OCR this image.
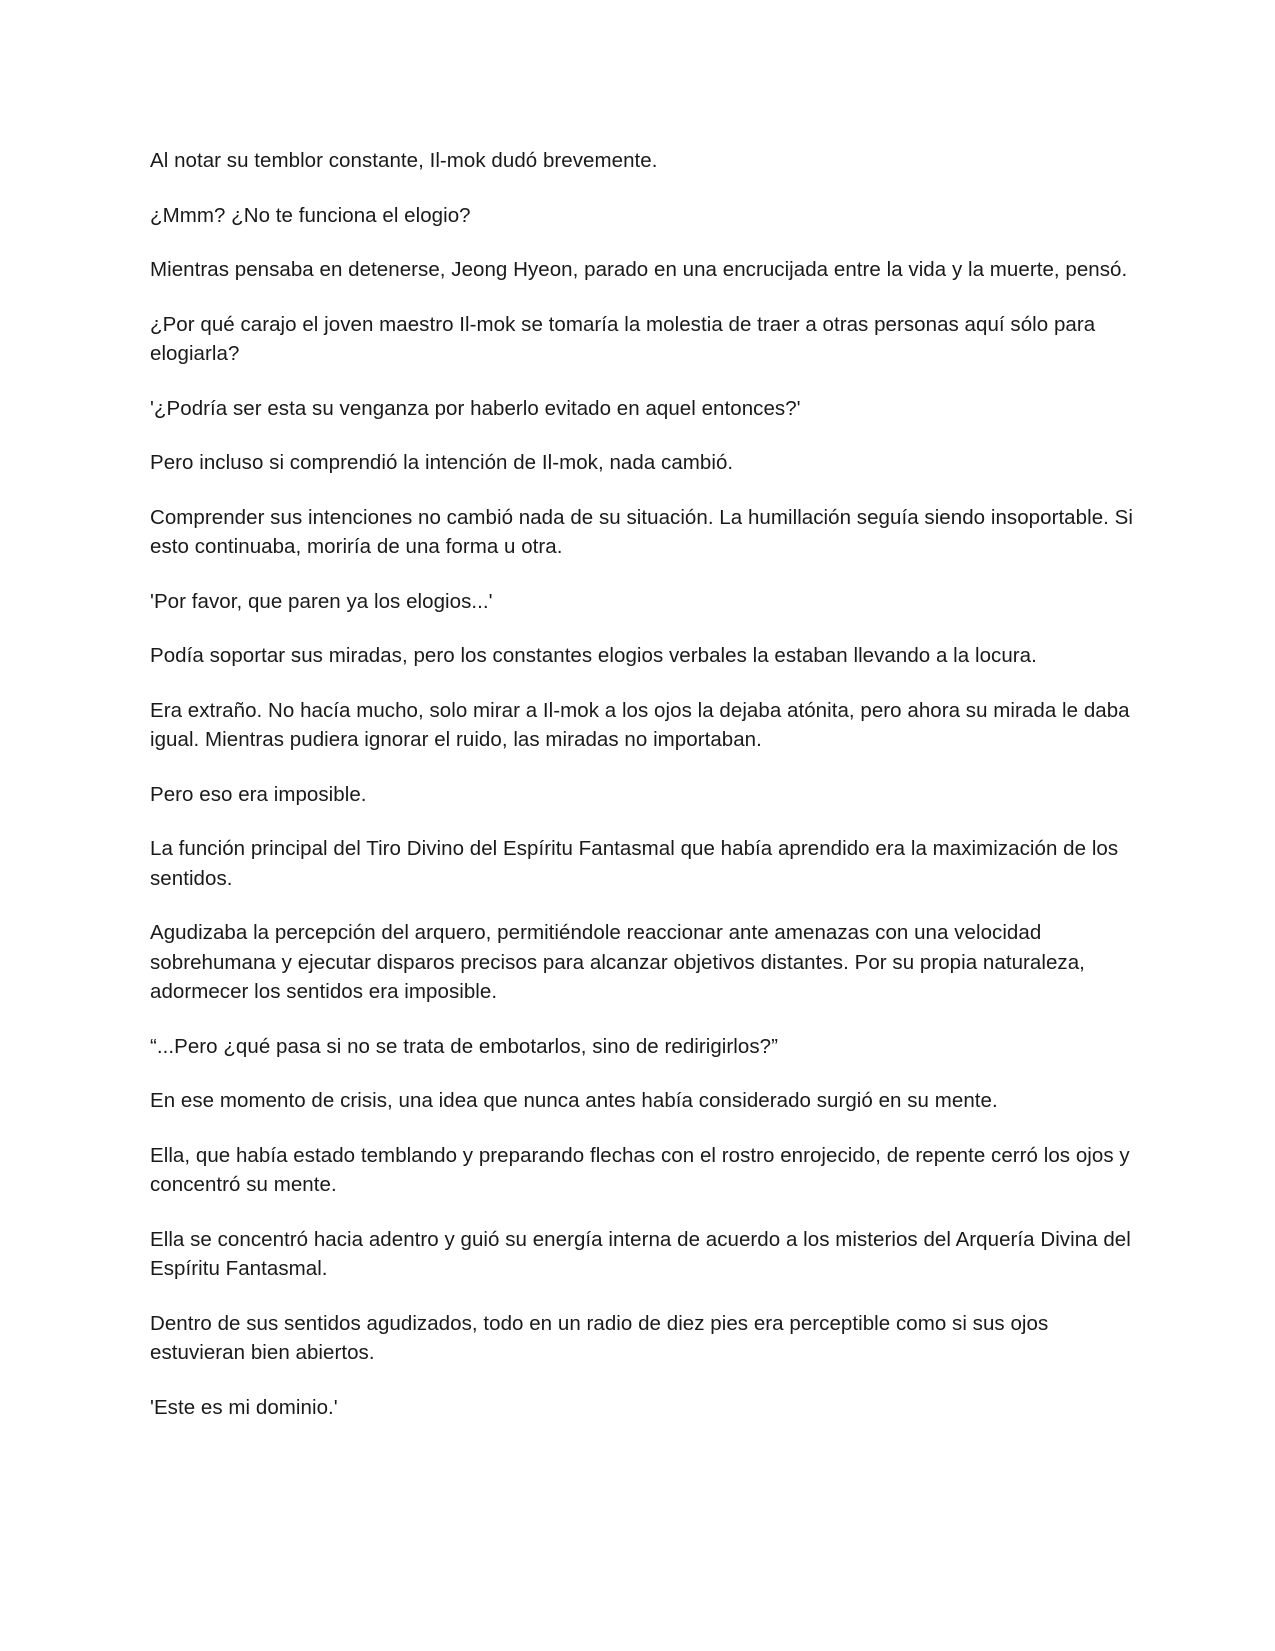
Al notar su temblor constante, Il-mok dudó brevemente.

¿Mmm? ¿No te funciona el elogio?

Mientras pensaba en detenerse, Jeong Hyeon, parado en una encrucijada entre la vida y la muerte, pensó.

¿Por qué carajo el joven maestro Il-mok se tomaría la molestia de traer a otras personas aquí sólo para elogiarla?

'¿Podría ser esta su venganza por haberlo evitado en aquel entonces?'

Pero incluso si comprendió la intención de Il-mok, nada cambió.

Comprender sus intenciones no cambió nada de su situación. La humillación seguía siendo insoportable. Si esto continuaba, moriría de una forma u otra.

'Por favor, que paren ya los elogios...'

Podía soportar sus miradas, pero los constantes elogios verbales la estaban llevando a la locura.

Era extraño. No hacía mucho, solo mirar a Il-mok a los ojos la dejaba atónita, pero ahora su mirada le daba igual. Mientras pudiera ignorar el ruido, las miradas no importaban.

Pero eso era imposible.

La función principal del Tiro Divino del Espíritu Fantasmal que había aprendido era la maximización de los sentidos.

Agudizaba la percepción del arquero, permitiéndole reaccionar ante amenazas con una velocidad sobrehumana y ejecutar disparos precisos para alcanzar objetivos distantes. Por su propia naturaleza, adormecer los sentidos era imposible.

“...Pero ¿qué pasa si no se trata de embotarlos, sino de redirigirlos?”

En ese momento de crisis, una idea que nunca antes había considerado surgió en su mente.

Ella, que había estado temblando y preparando flechas con el rostro enrojecido, de repente cerró los ojos y concentró su mente.

Ella se concentró hacia adentro y guió su energía interna de acuerdo a los misterios del Arquería Divina del Espíritu Fantasmal.

Dentro de sus sentidos agudizados, todo en un radio de diez pies era perceptible como si sus ojos estuvieran bien abiertos.

'Este es mi dominio.'
